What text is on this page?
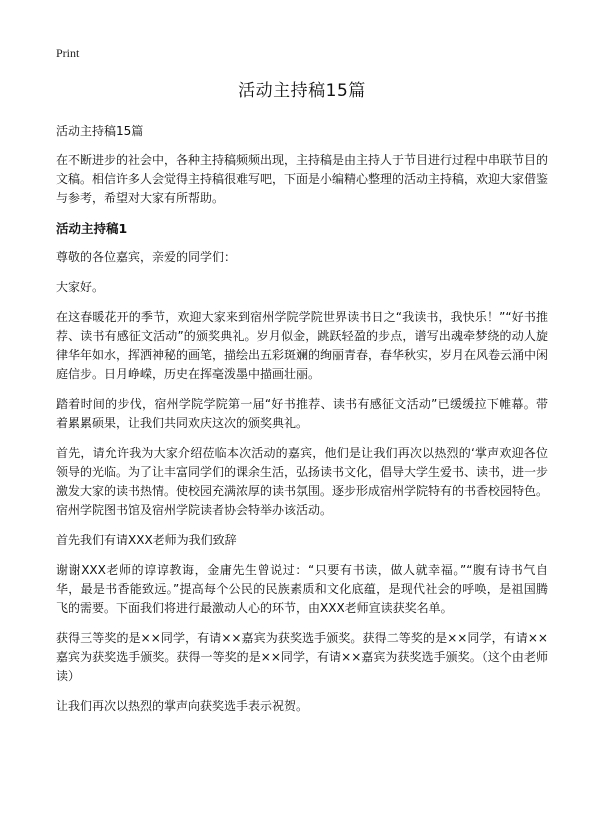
Print
活动主持稿15篇

活动主持稿15篇

在不断进步的社会中，各种主持稿频频出现，主持稿是由主持人于节目进行过程中串联节目的文稿。相信许多人会觉得主持稿很难写吧，下面是小编精心整理的活动主持稿，欢迎大家借鉴与参考，希望对大家有所帮助。

活动主持稿1

尊敬的各位嘉宾，亲爱的同学们：

大家好。

在这春暖花开的季节，欢迎大家来到宿州学院学院世界读书日之“我读书，我快乐！”“好书推荐、读书有感征文活动”的颁奖典礼。岁月似金，跳跃轻盈的步点，谱写出魂牵梦绕的动人旋律华年如水，挥洒神秘的画笔，描绘出五彩斑斓的绚丽青春，春华秋实，岁月在风卷云涌中闲庭信步。日月峥嵘，历史在挥毫泼墨中描画壮丽。

踏着时间的步伐，宿州学院学院第一届“好书推荐、读书有感征文活动”已缓缓拉下帷幕。带着累累硕果，让我们共同欢庆这次的颁奖典礼。

首先，请允许我为大家介绍莅临本次活动的嘉宾，他们是让我们再次以热烈的‘掌声欢迎各位领导的光临。为了让丰富同学们的课余生活，弘扬读书文化，倡导大学生爱书、读书，进一步激发大家的读书热情。使校园充满浓厚的读书氛围。逐步形成宿州学院特有的书香校园特色。宿州学院图书馆及宿州学院读者协会特举办该活动。

首先我们有请XXX老师为我们致辞

谢谢XXX老师的谆谆教诲，金庸先生曾说过：“只要有书读，做人就幸福。”“腹有诗书气自华，最是书香能致远。”提高每个公民的民族素质和文化底蕴，是现代社会的呼唤，是祖国腾飞的需要。下面我们将进行最激动人心的环节，由XXX老师宣读获奖名单。

获得三等奖的是××同学，有请××嘉宾为获奖选手颁奖。获得二等奖的是××同学，有请××嘉宾为获奖选手颁奖。获得一等奖的是××同学，有请××嘉宾为获奖选手颁奖。（这个由老师读）

让我们再次以热烈的掌声向获奖选手表示祝贺。
